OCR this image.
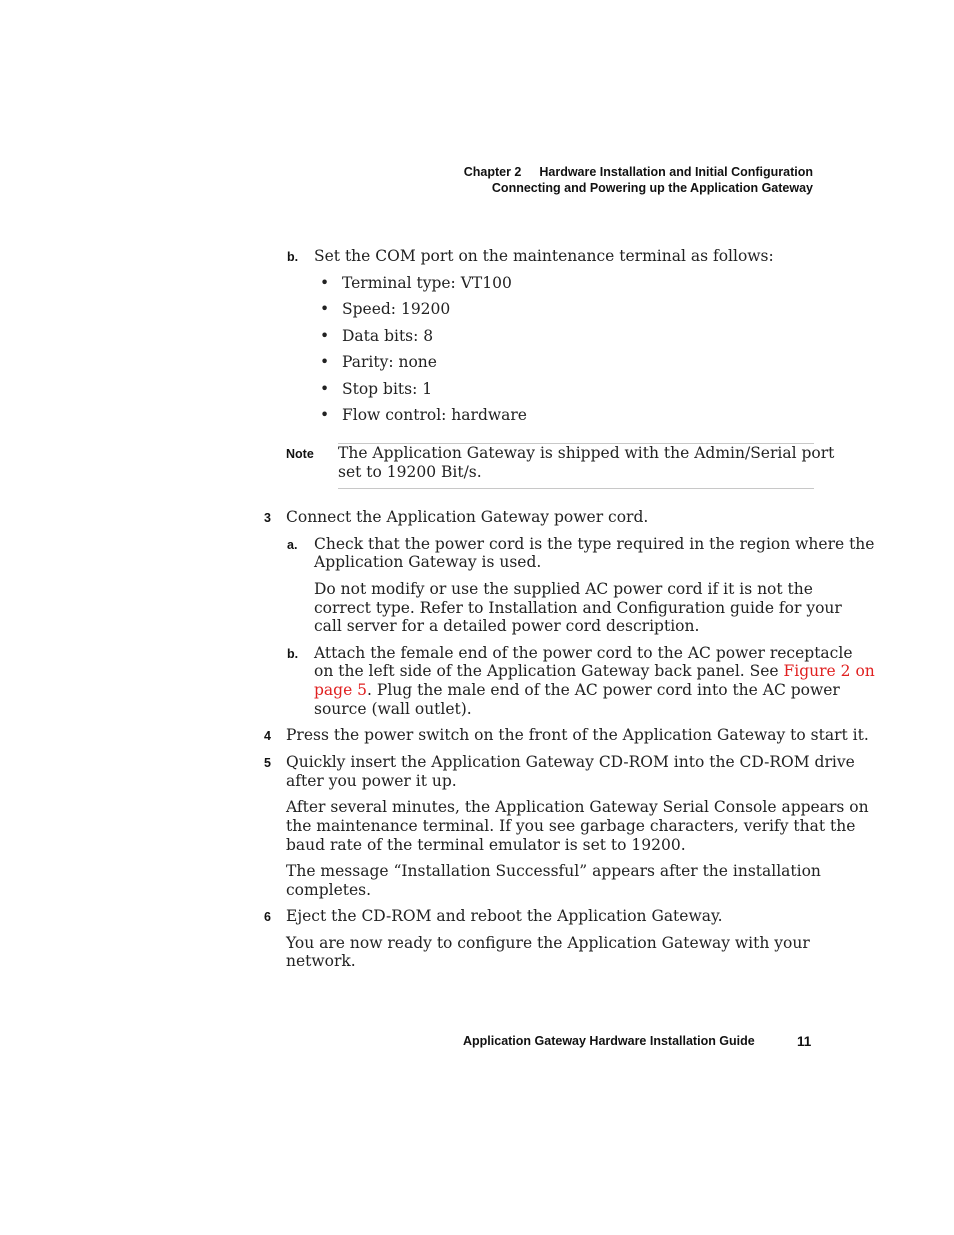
Chapter 2 Hardware Installation and Initial Configuration
Connecting and Powering up the Application Gateway
b. Set the COM port on the maintenance terminal as follows:
• Terminal type: VT100
• Speed: 19200
• Data bits: 8
• Parity: none
• Stop bits: 1
• Flow control: hardware
Note The Application Gateway is shipped with the Admin/Serial port
set to 19200 Bit/s.
3 Connect the Application Gateway power cord.
a. Check that the power cord is the type required in the region where the
Application Gateway is used.
Do not modify or use the supplied AC power cord if it is not the
correct type. Refer to Installation and Configuration guide for your
call server for a detailed power cord description.
b. Attach the female end of the power cord to the AC power receptacle
on the left side of the Application Gateway back panel. See Figure 2 on
page 5. Plug the male end of the AC power cord into the AC power
source (wall outlet).
4 Press the power switch on the front of the Application Gateway to start it.
5 Quickly insert the Application Gateway CD-ROM into the CD-ROM drive
after you power it up.
After several minutes, the Application Gateway Serial Console appears on
the maintenance terminal. If you see garbage characters, verify that the
baud rate of the terminal emulator is set to 19200.
The message “Installation Successful” appears after the installation
completes.
6 Eject the CD-ROM and reboot the Application Gateway.
You are now ready to configure the Application Gateway with your
network.
Application Gateway Hardware Installation Guide	11
